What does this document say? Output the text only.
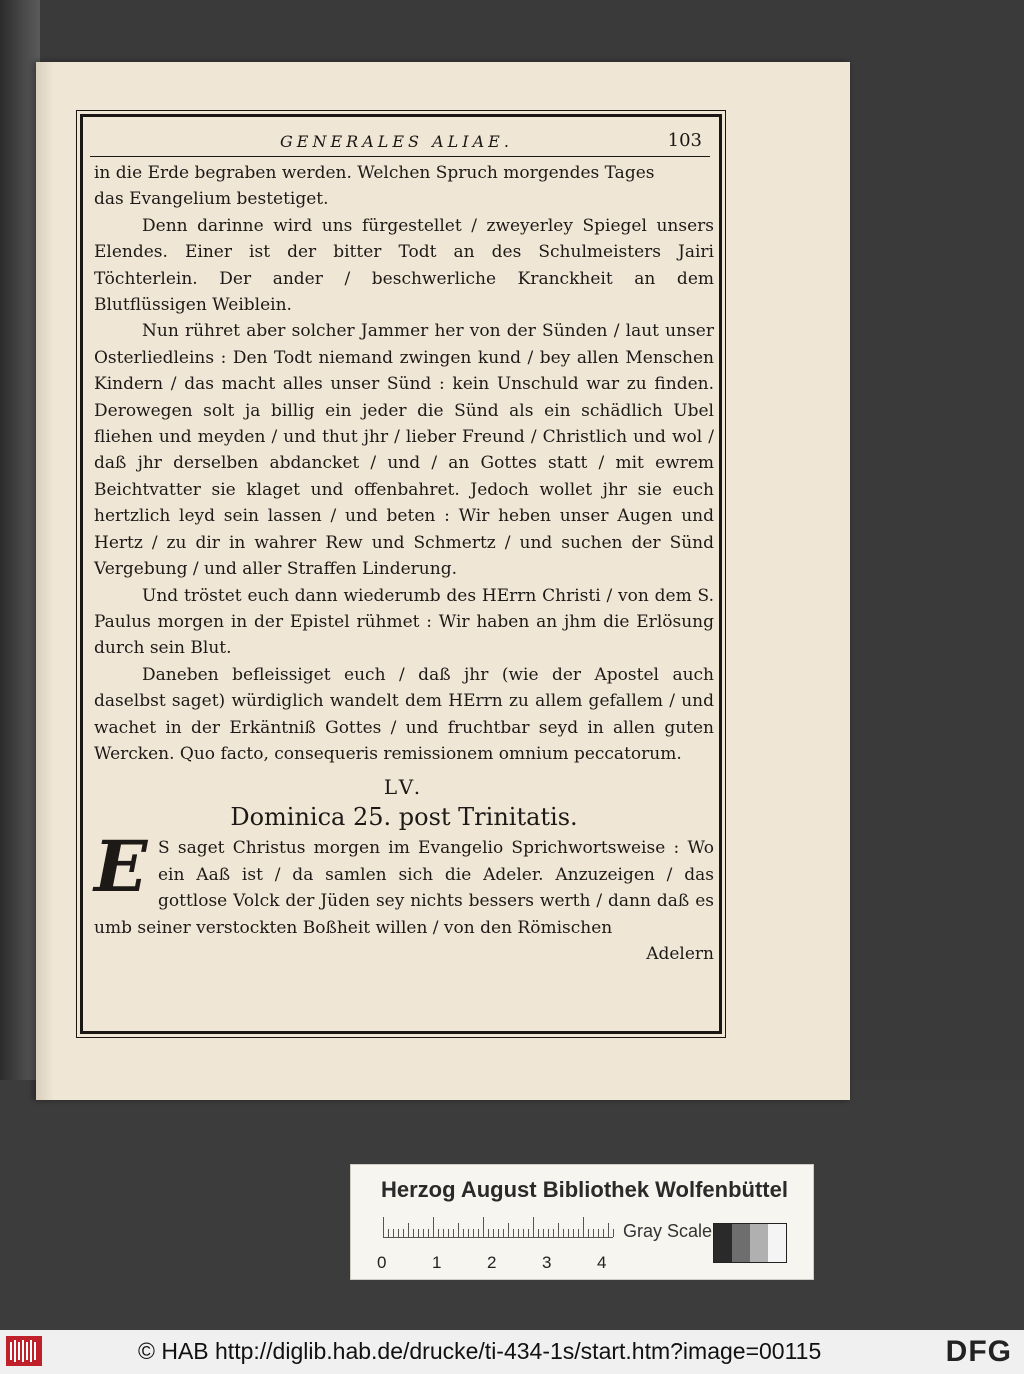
GENERALES ALIAE.	103

in die Erde begraben werden. Welchen Spruch morgendes Tages

das Evangelium bestetiget.

Denn darinne wird uns fürgestellet / zweyerley Spiegel unsers Elendes. Einer ist der bitter Todt an des Schulmeisters Jairi Töchterlein. Der ander / beschwerliche Kranckheit an dem Blutflüssigen Weiblein.

Nun rühret aber solcher Jammer her von der Sünden / laut unser Osterliedleins : Den Todt niemand zwingen kund / bey allen Menschen Kindern / das macht alles unser Sünd : kein Unschuld war zu finden. Derowegen solt ja billig ein jeder die Sünd als ein schädlich Ubel fliehen und meyden / und thut jhr / lieber Freund / Christlich und wol / daß jhr derselben abdancket / und / an Gottes statt / mit ewrem Beichtvatter sie klaget und offenbahret. Jedoch wollet jhr sie euch hertzlich leyd sein lassen / und beten : Wir heben unser Augen und Hertz / zu dir in wahrer Rew und Schmertz / und suchen der Sünd Vergebung / und aller Straffen Linderung.

Und tröstet euch dann wiederumb des HErrn Christi / von dem S. Paulus morgen in der Epistel rühmet : Wir haben an jhm die Erlösung durch sein Blut.

Daneben befleissiget euch / daß jhr (wie der Apostel auch daselbst saget) würdiglich wandelt dem HErrn zu allem gefallem / und wachet in der Erkäntniß Gottes / und fruchtbar seyd in allen guten Wercken. Quo facto, consequeris remissionem omnium peccatorum.

LV.
Dominica 25. post Trinitatis.

E S saget Christus morgen im Evangelio Sprichwortsweise : Wo ein Aaß ist / da samlen sich die Adeler. Anzuzeigen / das gottlose Volck der Jüden sey nichts bessers werth / dann daß es umb seiner verstockten Boßheit willen / von den Römischen

Adelern

Herzog August Bibliothek Wolfenbüttel
0	1	2	3	4
Gray Scale
© HAB http://diglib.hab.de/drucke/ti-434-1s/start.htm?image=00115	DFG
